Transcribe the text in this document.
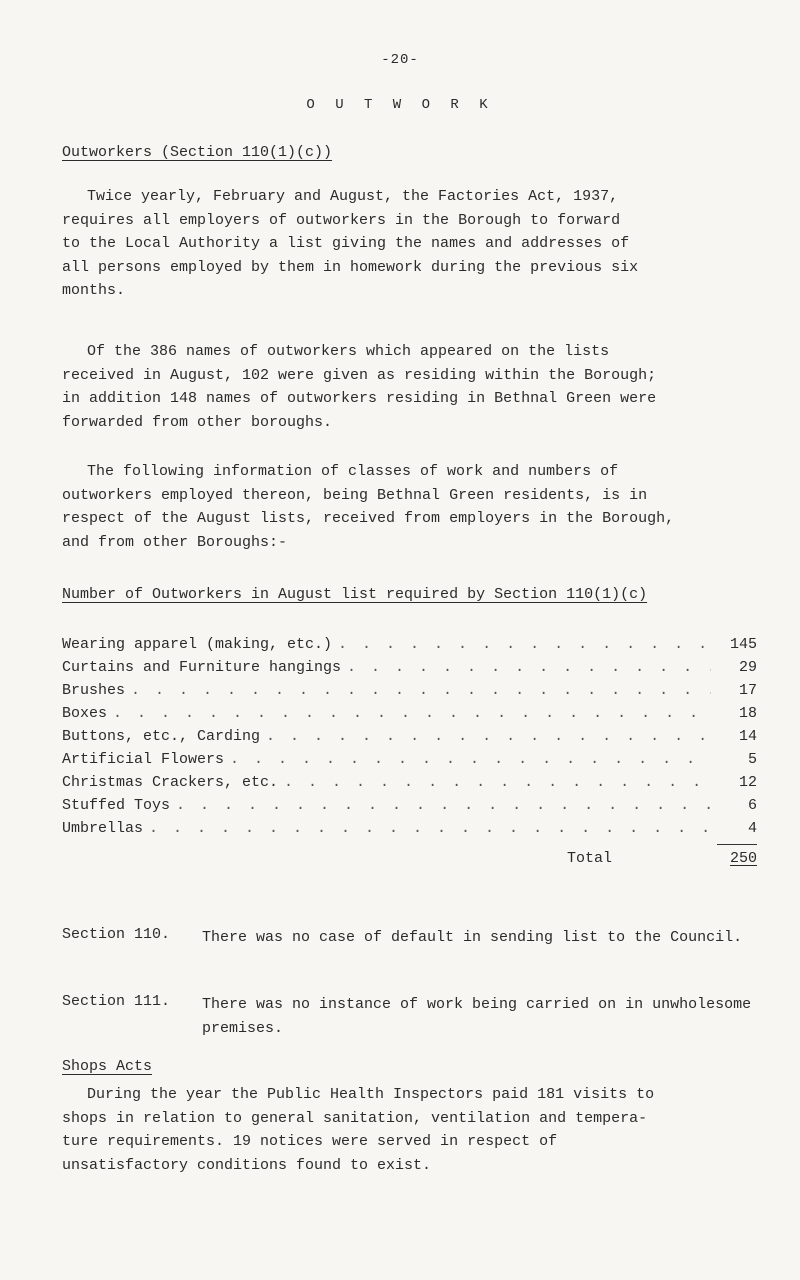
-20-
O U T W O R K
Outworkers (Section 110(1)(c))
Twice yearly, February and August, the Factories Act, 1937,
requires all employers of outworkers in the Borough to forward
to the Local Authority a list giving the names and addresses of
all persons employed by them in homework during the previous six
months.
Of the 386 names of outworkers which appeared on the lists
received in August, 102 were given as residing within the Borough;
in addition 148 names of outworkers residing in Bethnal Green were
forwarded from other boroughs.
The following information of classes of work and numbers of
outworkers employed thereon, being Bethnal Green residents, is in
respect of the August lists, received from employers in the Borough,
and from other Boroughs:-
Number of Outworkers in August list required by Section 110(1)(c)
Wearing apparel (making, etc.) . . .	145
Curtains and Furniture hangings . . .	29
Brushes . . .	17
Boxes . . .	18
Buttons, etc., Carding . . .	14
Artificial Flowers . . .	5
Christmas Crackers, etc. . . .	12
Stuffed Toys . . .	6
Umbrellas . . .	4
Total	250
Section 110. There was no case of default in sending list to the Council.
Section 111. There was no instance of work being carried on in unwholesome premises.
Shops Acts
During the year the Public Health Inspectors paid 181 visits to
shops in relation to general sanitation, ventilation and tempera-
ture requirements. 19 notices were served in respect of
unsatisfactory conditions found to exist.
